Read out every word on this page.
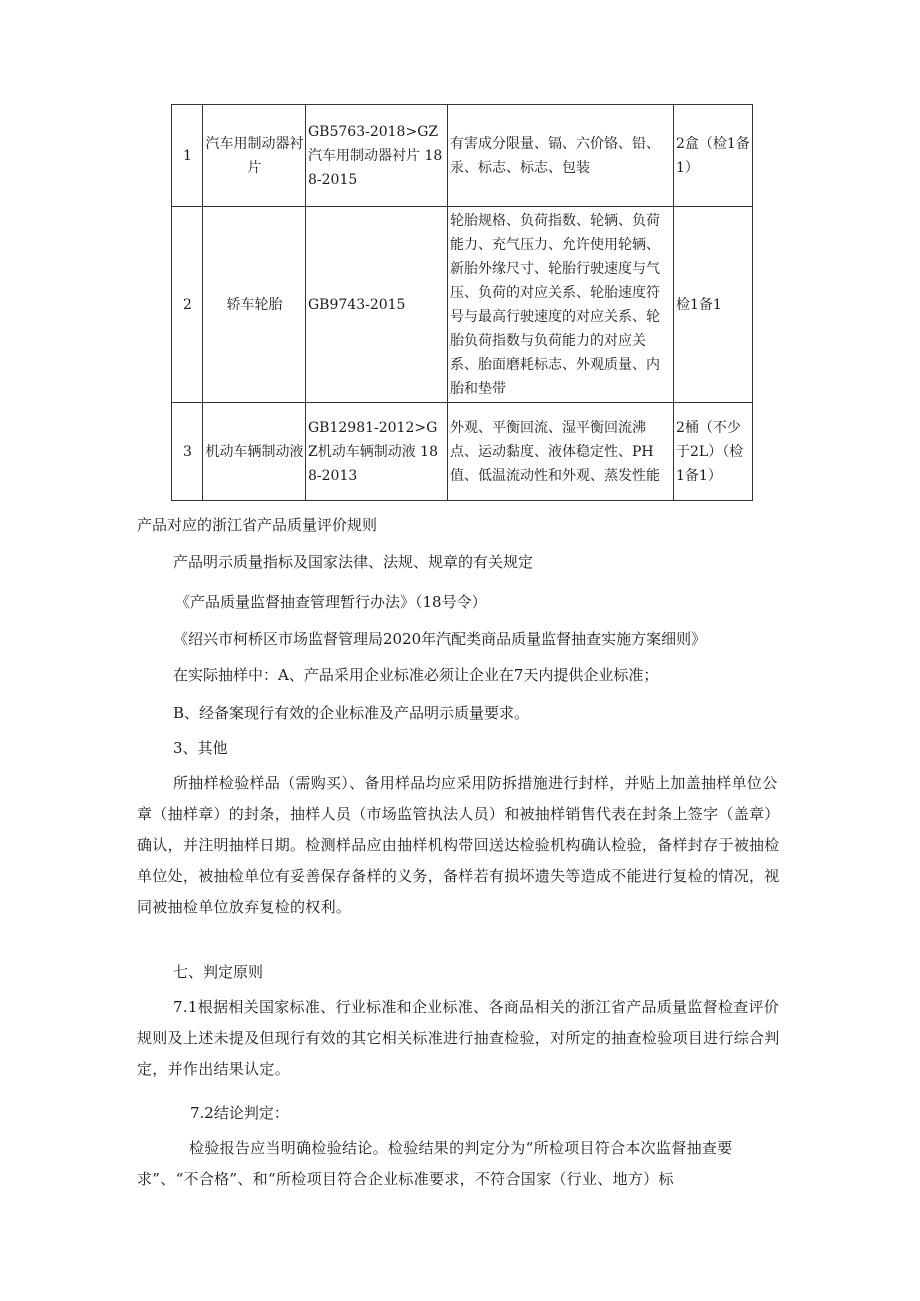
1	汽车用制动器衬片	GB5763-2018>GZ汽车用制动器衬片 188-2015	有害成分限量、镉、六价铬、铅、汞、标志、标志、包装	2盒（检1备1）
2	轿车轮胎	GB9743-2015	轮胎规格、负荷指数、轮辆、负荷能力、充气压力、允许使用轮辆、新胎外缘尺寸、轮胎行驶速度与气压、负荷的对应关系、轮胎速度符号与最高行驶速度的对应关系、轮胎负荷指数与负荷能力的对应关系、胎面磨耗标志、外观质量、内胎和垫带	检1备1
3	机动车辆制动液	GB12981-2012>GZ机动车辆制动液 188-2013	外观、平衡回流、湿平衡回流沸点、运动黏度、液体稳定性、PH值、低温流动性和外观、蒸发性能	2桶（不少于2L）（检1备1）
产品对应的浙江省产品质量评价规则
产品明示质量指标及国家法律、法规、规章的有关规定
《产品质量监督抽查管理暂行办法》（18号令）
《绍兴市柯桥区市场监督管理局2020年汽配类商品质量监督抽查实施方案细则》
在实际抽样中：A、产品采用企业标准必须让企业在7天内提供企业标准；
B、经备案现行有效的企业标准及产品明示质量要求。
3、其他
所抽样检验样品（需购买）、备用样品均应采用防拆措施进行封样，并贴上加盖抽样单位公章（抽样章）的封条，抽样人员（市场监管执法人员）和被抽样销售代表在封条上签字（盖章）确认，并注明抽样日期。检测样品应由抽样机构带回送达检验机构确认检验，备样封存于被抽检单位处，被抽检单位有妥善保存备样的义务，备样若有损坏遗失等造成不能进行复检的情况，视同被抽检单位放弃复检的权利。
七、判定原则
7.1根据相关国家标准、行业标准和企业标准、各商品相关的浙江省产品质量监督检查评价规则及上述未提及但现行有效的其它相关标准进行抽查检验，对所定的抽查检验项目进行综合判定，并作出结果认定。
7.2结论判定：
检验报告应当明确检验结论。检验结果的判定分为“所检项目符合本次监督抽查要求”、“不合格”、和“所检项目符合企业标准要求，不符合国家（行业、地方）标
